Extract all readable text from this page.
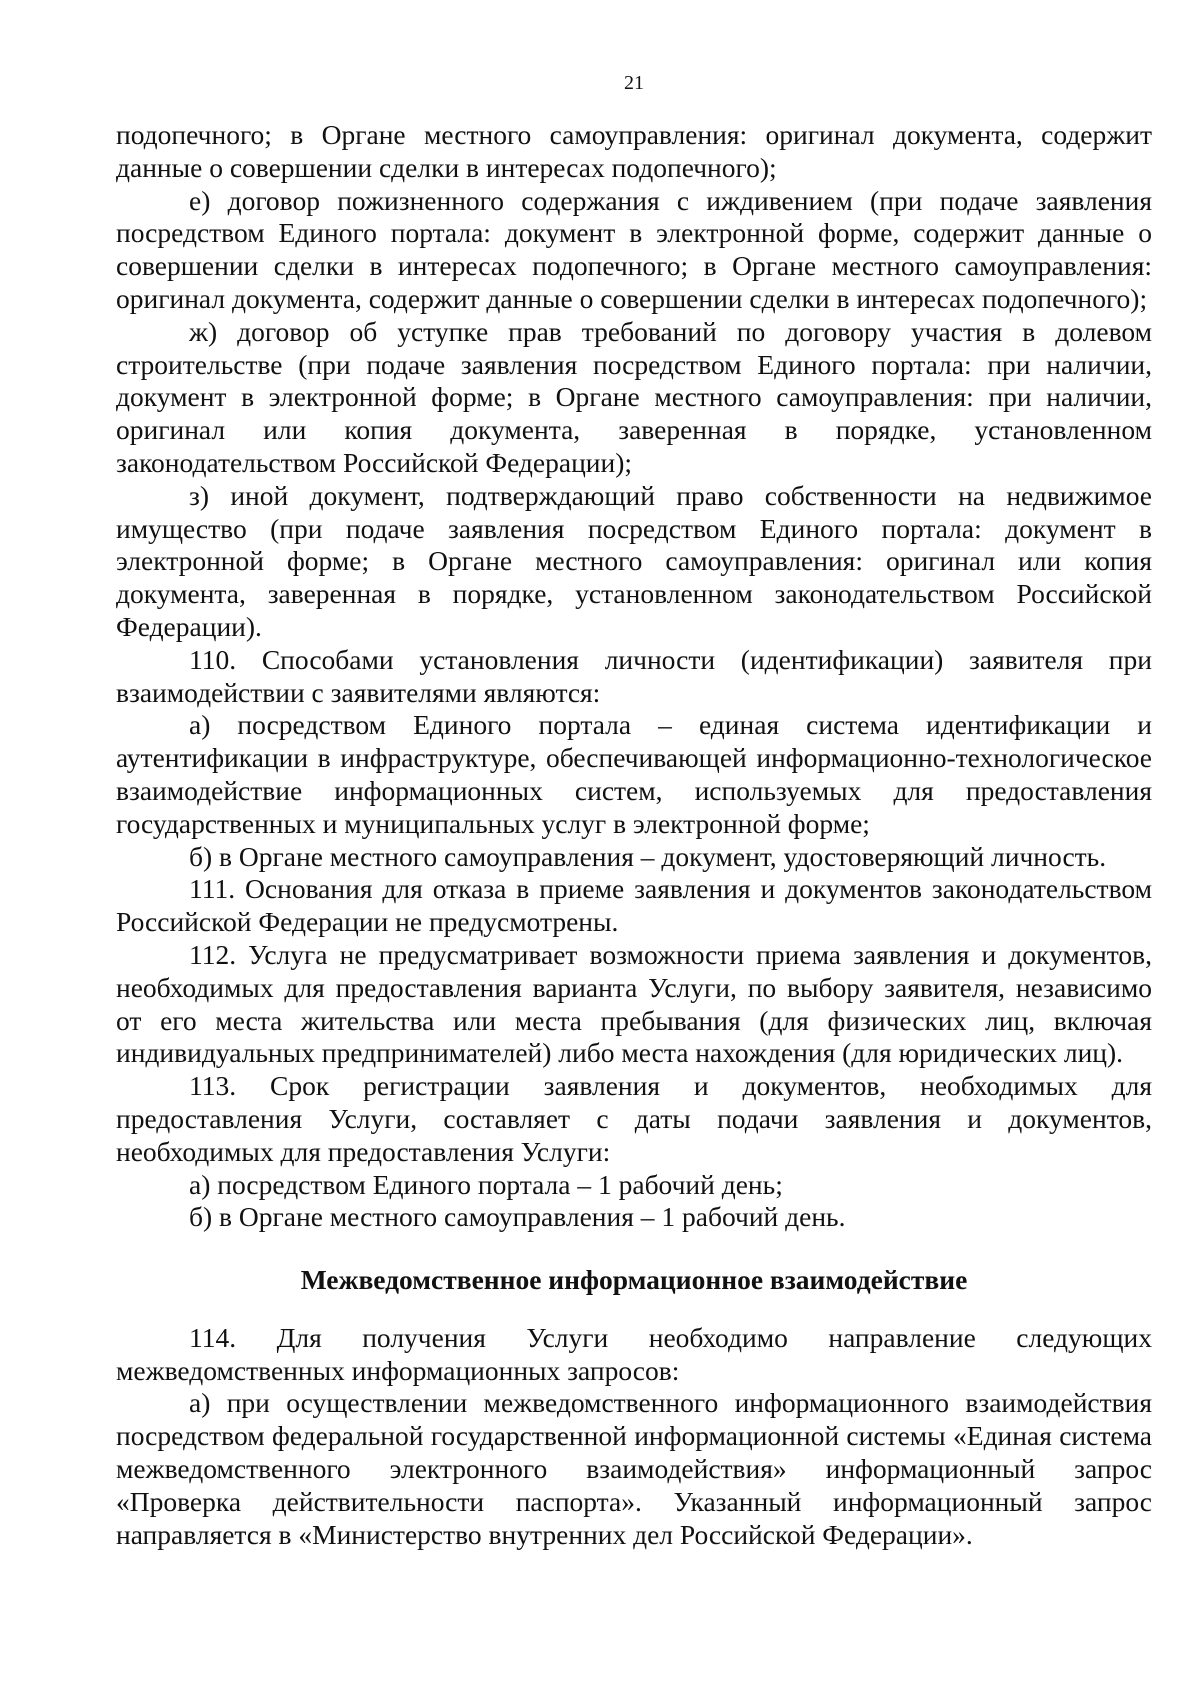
21

подопечного; в Органе местного самоуправления: оригинал документа, содержит данные о совершении сделки в интересах подопечного);

е) договор пожизненного содержания с иждивением (при подаче заявления посредством Единого портала: документ в электронной форме, содержит данные о совершении сделки в интересах подопечного; в Органе местного самоуправления: оригинал документа, содержит данные о совершении сделки в интересах подопечного);

ж) договор об уступке прав требований по договору участия в долевом строительстве (при подаче заявления посредством Единого портала: при наличии, документ в электронной форме; в Органе местного самоуправления: при наличии, оригинал или копия документа, заверенная в порядке, установленном законодательством Российской Федерации);

з) иной документ, подтверждающий право собственности на недвижимое имущество (при подаче заявления посредством Единого портала: документ в электронной форме; в Органе местного самоуправления: оригинал или копия документа, заверенная в порядке, установленном законодательством Российской Федерации).

110. Способами установления личности (идентификации) заявителя при взаимодействии с заявителями являются:

а) посредством Единого портала – единая система идентификации и аутентификации в инфраструктуре, обеспечивающей информационно-технологическое взаимодействие информационных систем, используемых для предоставления государственных и муниципальных услуг в электронной форме;

б) в Органе местного самоуправления – документ, удостоверяющий личность.

111. Основания для отказа в приеме заявления и документов законодательством Российской Федерации не предусмотрены.

112. Услуга не предусматривает возможности приема заявления и документов, необходимых для предоставления варианта Услуги, по выбору заявителя, независимо от его места жительства или места пребывания (для физических лиц, включая индивидуальных предпринимателей) либо места нахождения (для юридических лиц).

113. Срок регистрации заявления и документов, необходимых для предоставления Услуги, составляет с даты подачи заявления и документов, необходимых для предоставления Услуги:

а) посредством Единого портала – 1 рабочий день;

б) в Органе местного самоуправления – 1 рабочий день.

Межведомственное информационное взаимодействие

114. Для получения Услуги необходимо направление следующих межведомственных информационных запросов:

а) при осуществлении межведомственного информационного взаимодействия посредством федеральной государственной информационной системы «Единая система межведомственного электронного взаимодействия» информационный запрос «Проверка действительности паспорта». Указанный информационный запрос направляется в «Министерство внутренних дел Российской Федерации».
